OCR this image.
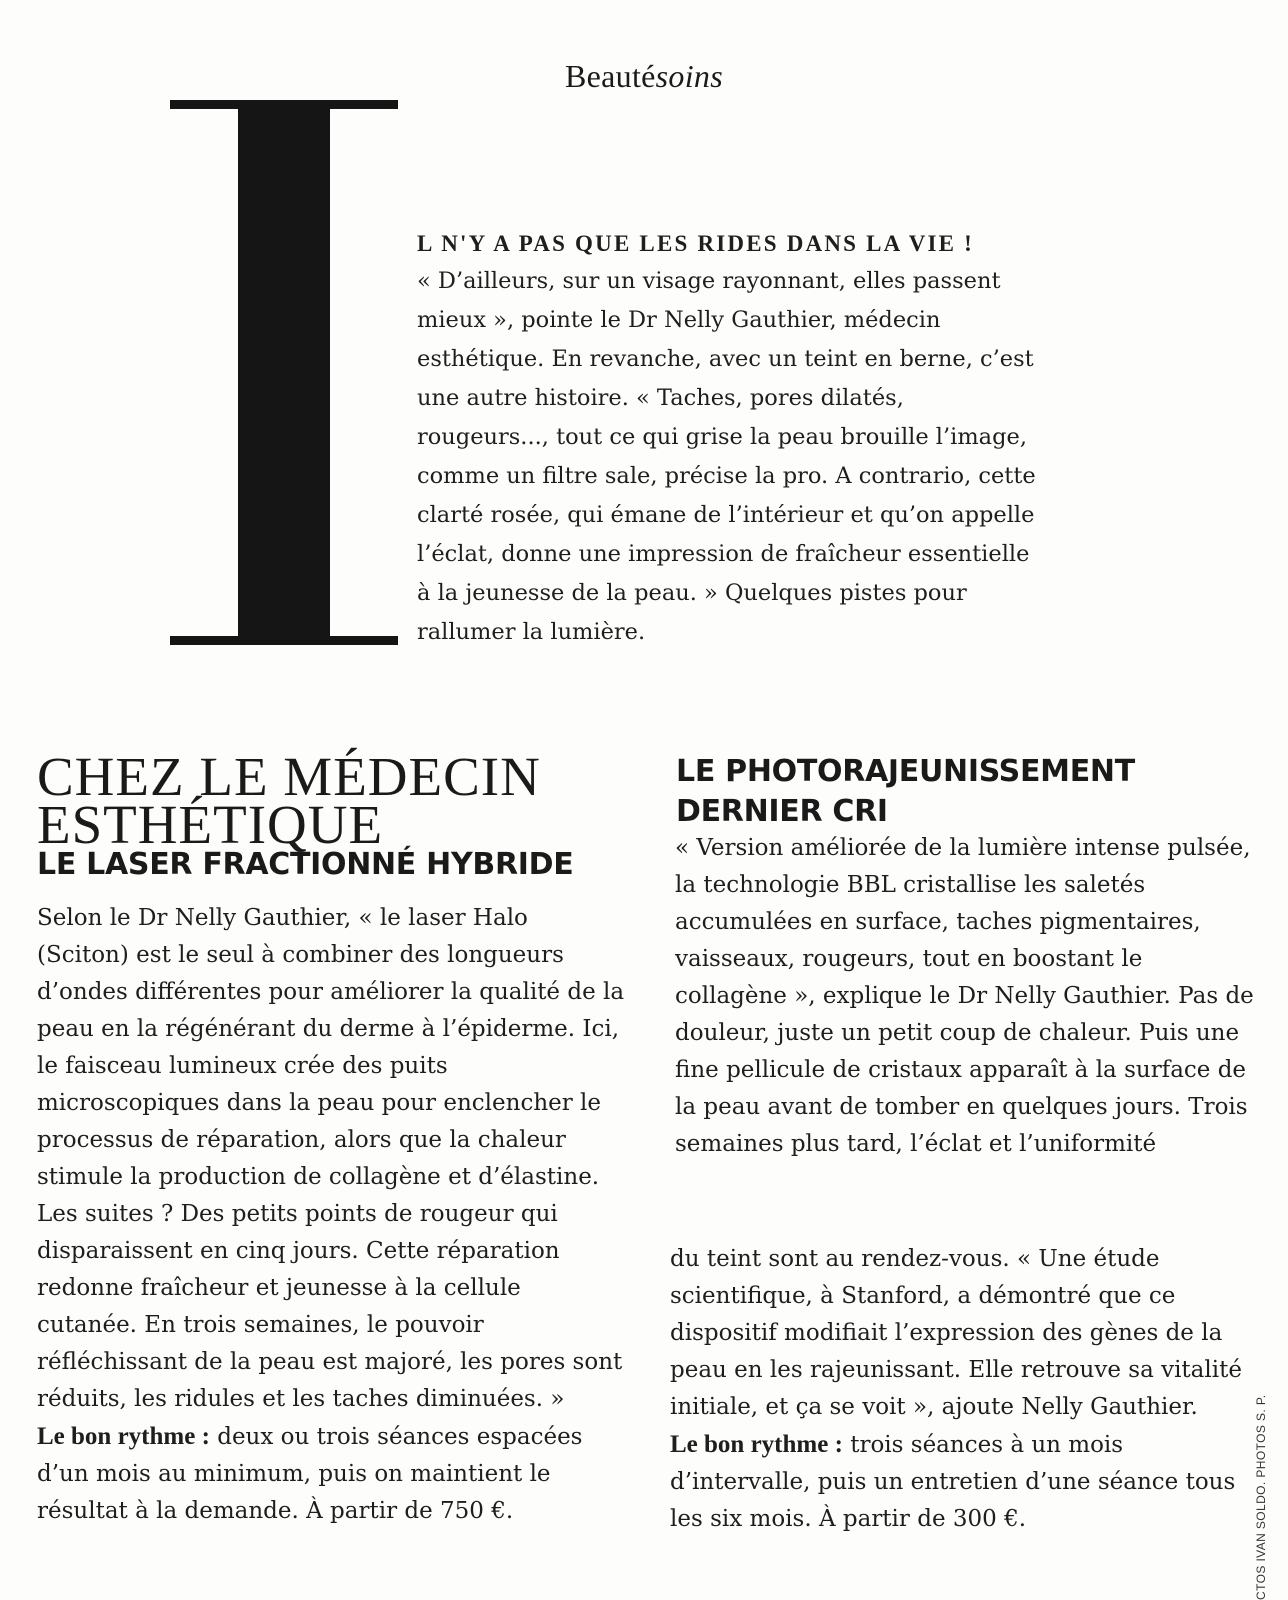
Beautésoins
L N'Y A PAS QUE LES RIDES DANS LA VIE !
« D’ailleurs, sur un visage rayonnant, elles passent mieux », pointe le Dr Nelly Gauthier, médecin esthétique. En revanche, avec un teint en berne, c’est une autre histoire. « Taches, pores dilatés, rougeurs..., tout ce qui grise la peau brouille l’image, comme un filtre sale, précise la pro. A contrario, cette clarté rosée, qui émane de l’intérieur et qu’on appelle l’éclat, donne une impression de fraîcheur essentielle à la jeunesse de la peau. » Quelques pistes pour rallumer la lumière.
CHEZ LE MÉDECIN ESTHÉTIQUE
LE LASER FRACTIONNÉ HYBRIDE
Selon le Dr Nelly Gauthier, « le laser Halo (Sciton) est le seul à combiner des longueurs d’ondes différentes pour améliorer la qualité de la peau en la régénérant du derme à l’épiderme. Ici, le faisceau lumineux crée des puits microscopiques dans la peau pour enclencher le processus de réparation, alors que la chaleur stimule la production de collagène et d’élastine. Les suites ? Des petits points de rougeur qui disparaissent en cinq jours. Cette réparation redonne fraîcheur et jeunesse à la cellule cutanée. En trois semaines, le pouvoir réfléchissant de la peau est majoré, les pores sont réduits, les ridules et les taches diminuées. »
Le bon rythme : deux ou trois séances espacées d’un mois au minimum, puis on maintient le résultat à la demande. À partir de 750 €.
LE PHOTORAJEUNISSEMENT DERNIER CRI
« Version améliorée de la lumière intense pulsée, la technologie BBL cristallise les saletés accumulées en surface, taches pigmentaires, vaisseaux, rougeurs, tout en boostant le collagène », explique le Dr Nelly Gauthier. Pas de douleur, juste un petit coup de chaleur. Puis une fine pellicule de cristaux apparaît à la surface de la peau avant de tomber en quelques jours. Trois semaines plus tard, l’éclat et l’uniformité
du teint sont au rendez-vous. « Une étude scientifique, à Stanford, a démontré que ce dispositif modifiait l’expression des gènes de la peau en les rajeunissant. Elle retrouve sa vitalité initiale, et ça se voit », ajoute Nelly Gauthier.
Le bon rythme : trois séances à un mois d’intervalle, puis un entretien d’une séance tous les six mois. À partir de 300 €.	CTOS IVAN SOLDO. PHOTOS S. P.
